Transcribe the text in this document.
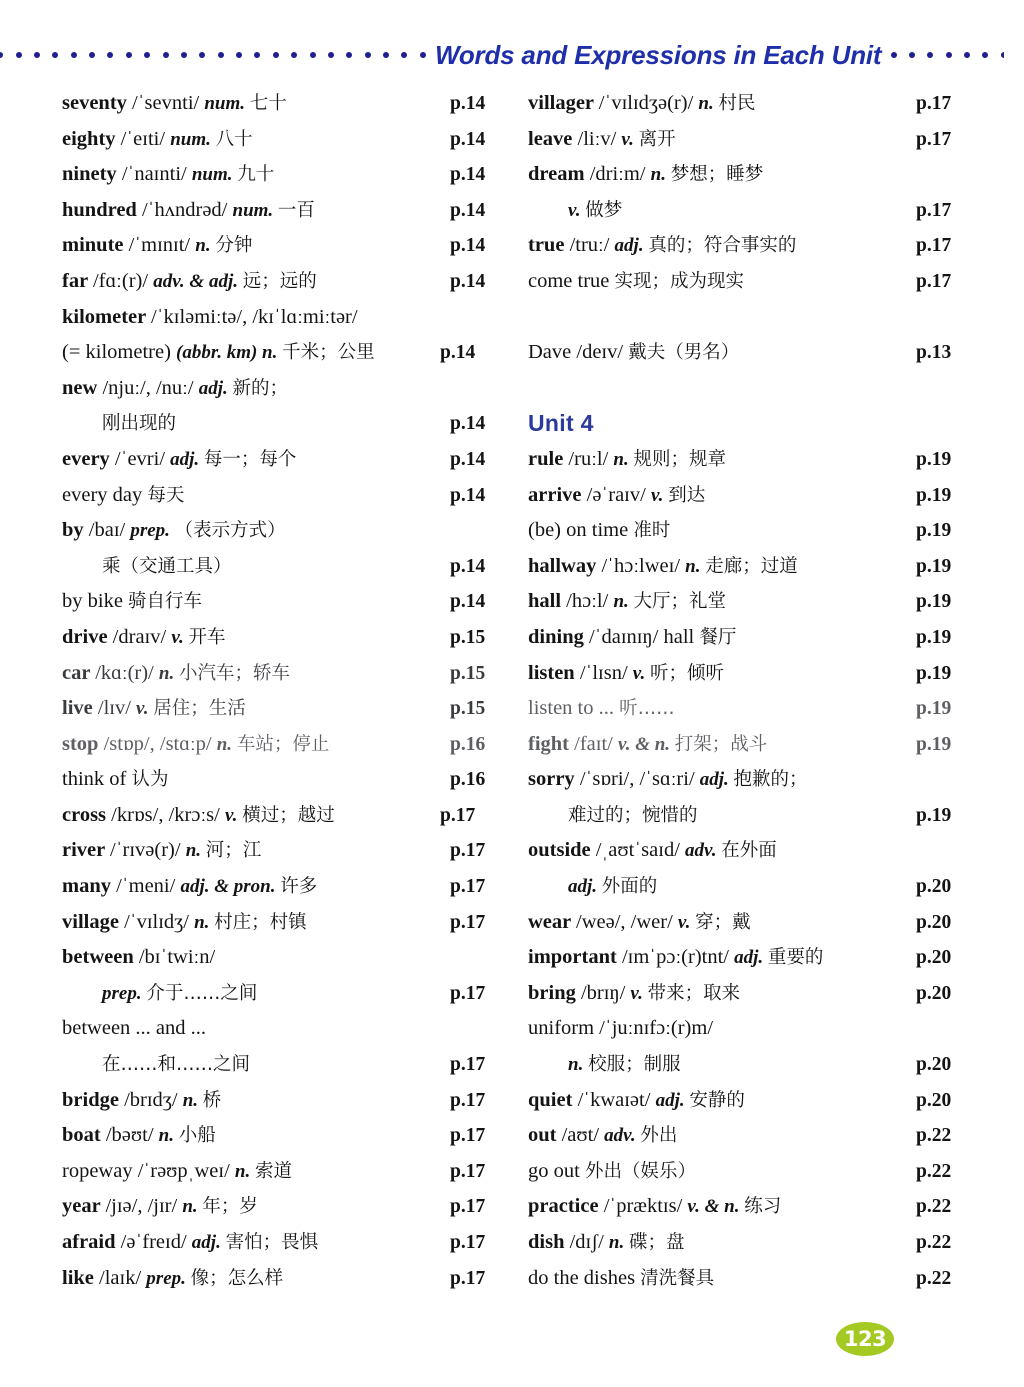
Words and Expressions in Each Unit
seventy /ˈsevnti/ num. 七十	p.14
eighty /ˈeɪti/ num. 八十	p.14
ninety /ˈnaɪnti/ num. 九十	p.14
hundred /ˈhʌndrəd/ num. 一百	p.14
minute /ˈmɪnɪt/ n. 分钟	p.14
far /fɑː(r)/ adv. & adj. 远；远的	p.14
kilometer /ˈkɪləmiːtə/, /kɪˈlɑːmiːtər/
(= kilometre) (abbr. km) n. 千米；公里	p.14
new /njuː/, /nuː/ adj. 新的；
刚出现的	p.14
every /ˈevri/ adj. 每一；每个	p.14
every day 每天	p.14
by /baɪ/ prep. （表示方式）
乘（交通工具）	p.14
by bike 骑自行车	p.14
drive /draɪv/ v. 开车	p.15
car /kɑː(r)/ n. 小汽车；轿车	p.15
live /lɪv/ v. 居住；生活	p.15
stop /stɒp/, /stɑːp/ n. 车站；停止	p.16
think of 认为	p.16
cross /krɒs/, /krɔːs/ v. 横过；越过	p.17
river /ˈrɪvə(r)/ n. 河；江	p.17
many /ˈmeni/ adj. & pron. 许多	p.17
village /ˈvɪlɪdʒ/ n. 村庄；村镇	p.17
between /bɪˈtwiːn/
prep. 介于……之间	p.17
between ... and ...
在……和……之间	p.17
bridge /brɪdʒ/ n. 桥	p.17
boat /bəʊt/ n. 小船	p.17
ropeway /ˈrəʊpˌweɪ/ n. 索道	p.17
year /jɪə/, /jɪr/ n. 年；岁	p.17
afraid /əˈfreɪd/ adj. 害怕；畏惧	p.17
like /laɪk/ prep. 像；怎么样	p.17
villager /ˈvɪlɪdʒə(r)/ n. 村民	p.17
leave /liːv/ v. 离开	p.17
dream /driːm/ n. 梦想；睡梦
v. 做梦	p.17
true /truː/ adj. 真的；符合事实的	p.17
come true 实现；成为现实	p.17
Dave /deɪv/ 戴夫（男名）	p.13
Unit 4
rule /ruːl/ n. 规则；规章	p.19
arrive /əˈraɪv/ v. 到达	p.19
(be) on time 准时	p.19
hallway /ˈhɔːlweɪ/ n. 走廊；过道	p.19
hall /hɔːl/ n. 大厅；礼堂	p.19
dining /ˈdaɪnɪŋ/ hall 餐厅	p.19
listen /ˈlɪsn/ v. 听；倾听	p.19
listen to ... 听……	p.19
fight /faɪt/ v. & n. 打架；战斗	p.19
sorry /ˈsɒri/, /ˈsɑːri/ adj. 抱歉的；
难过的；惋惜的	p.19
outside /ˌаʊtˈsaɪd/ adv. 在外面
adj. 外面的	p.20
wear /weə/, /wer/ v. 穿；戴	p.20
important /ɪmˈpɔː(r)tnt/ adj. 重要的	p.20
bring /brɪŋ/ v. 带来；取来	p.20
uniform /ˈjuːnɪfɔː(r)m/
n. 校服；制服	p.20
quiet /ˈkwaɪət/ adj. 安静的	p.20
out /aʊt/ adv. 外出	p.22
go out 外出（娱乐）	p.22
practice /ˈpræktɪs/ v. & n. 练习	p.22
dish /dɪʃ/ n. 碟；盘	p.22
do the dishes 清洗餐具	p.22
123
